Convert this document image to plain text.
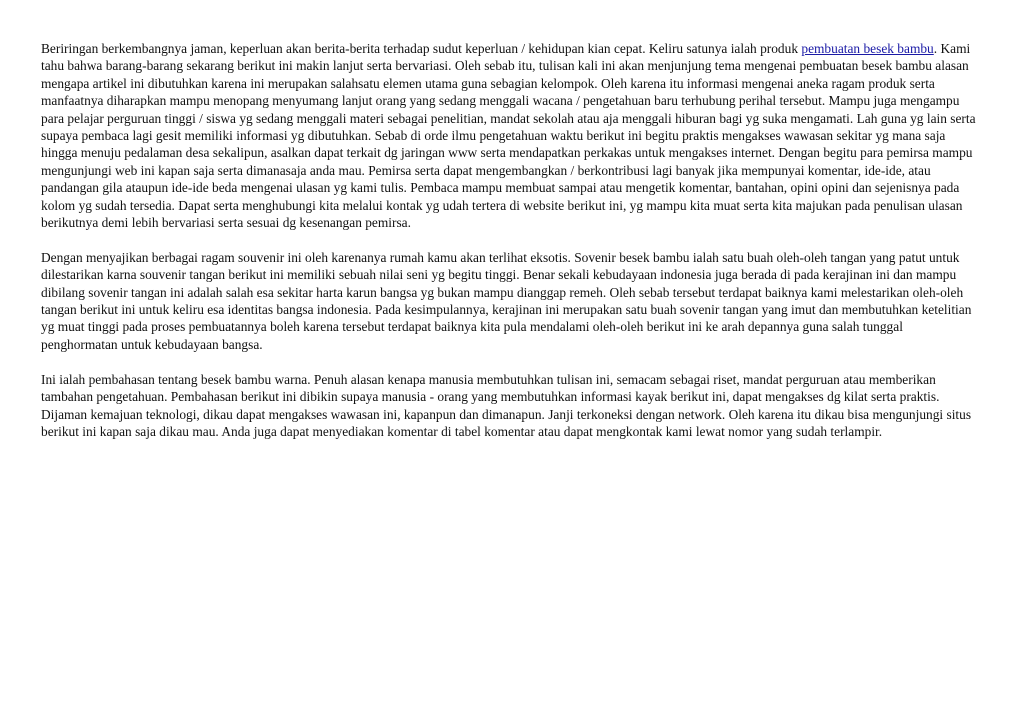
Beriringan berkembangnya jaman, keperluan akan berita-berita terhadap sudut keperluan / kehidupan kian cepat. Keliru satunya ialah produk pembuatan besek bambu. Kami tahu bahwa barang-barang sekarang berikut ini makin lanjut serta bervariasi. Oleh sebab itu, tulisan kali ini akan menjunjung tema mengenai pembuatan besek bambu alasan mengapa artikel ini dibutuhkan karena ini merupakan salahsatu elemen utama guna sebagian kelompok. Oleh karena itu informasi mengenai aneka ragam produk serta manfaatnya diharapkan mampu menopang menyumang lanjut orang yang sedang menggali wacana / pengetahuan baru terhubung perihal tersebut. Mampu juga mengampu para pelajar perguruan tinggi / siswa yg sedang menggali materi sebagai penelitian, mandat sekolah atau aja menggali hiburan bagi yg suka mengamati. Lah guna yg lain serta supaya pembaca lagi gesit memiliki informasi yg dibutuhkan. Sebab di orde ilmu pengetahuan waktu berikut ini begitu praktis mengakses wawasan sekitar yg mana saja hingga menuju pedalaman desa sekalipun, asalkan dapat terkait dg jaringan www serta mendapatkan perkakas untuk mengakses internet. Dengan begitu para pemirsa mampu mengunjungi web ini kapan saja serta dimanasaja anda mau. Pemirsa serta dapat mengembangkan / berkontribusi lagi banyak jika mempunyai komentar, ide-ide, atau pandangan gila ataupun ide-ide beda mengenai ulasan yg kami tulis. Pembaca mampu membuat sampai atau mengetik komentar, bantahan, opini opini dan sejenisnya pada kolom yg sudah tersedia. Dapat serta menghubungi kita melalui kontak yg udah tertera di website berikut ini, yg mampu kita muat serta kita majukan pada penulisan ulasan berikutnya demi lebih bervariasi serta sesuai dg kesenangan pemirsa.

Dengan menyajikan berbagai ragam souvenir ini oleh karenanya rumah kamu akan terlihat eksotis. Sovenir besek bambu ialah satu buah oleh-oleh tangan yang patut untuk dilestarikan karna souvenir tangan berikut ini memiliki sebuah nilai seni yg begitu tinggi. Benar sekali kebudayaan indonesia juga berada di pada kerajinan ini dan mampu dibilang sovenir tangan ini adalah salah esa sekitar harta karun bangsa yg bukan mampu dianggap remeh. Oleh sebab tersebut terdapat baiknya kami melestarikan oleh-oleh tangan berikut ini untuk keliru esa identitas bangsa indonesia. Pada kesimpulannya, kerajinan ini merupakan satu buah sovenir tangan yang imut dan membutuhkan ketelitian yg muat tinggi pada proses pembuatannya boleh karena tersebut terdapat baiknya kita pula mendalami oleh-oleh berikut ini ke arah depannya guna salah tunggal penghormatan untuk kebudayaan bangsa.

Ini ialah pembahasan tentang besek bambu warna. Penuh alasan kenapa manusia membutuhkan tulisan ini, semacam sebagai riset, mandat perguruan atau memberikan tambahan pengetahuan. Pembahasan berikut ini dibikin supaya manusia - orang yang membutuhkan informasi kayak berikut ini, dapat mengakses dg kilat serta praktis. Dijaman kemajuan teknologi, dikau dapat mengakses wawasan ini, kapanpun dan dimanapun. Janji terkoneksi dengan network. Oleh karena itu dikau bisa mengunjungi situs berikut ini kapan saja dikau mau. Anda juga dapat menyediakan komentar di tabel komentar atau dapat mengkontak kami lewat nomor yang sudah terlampir.
